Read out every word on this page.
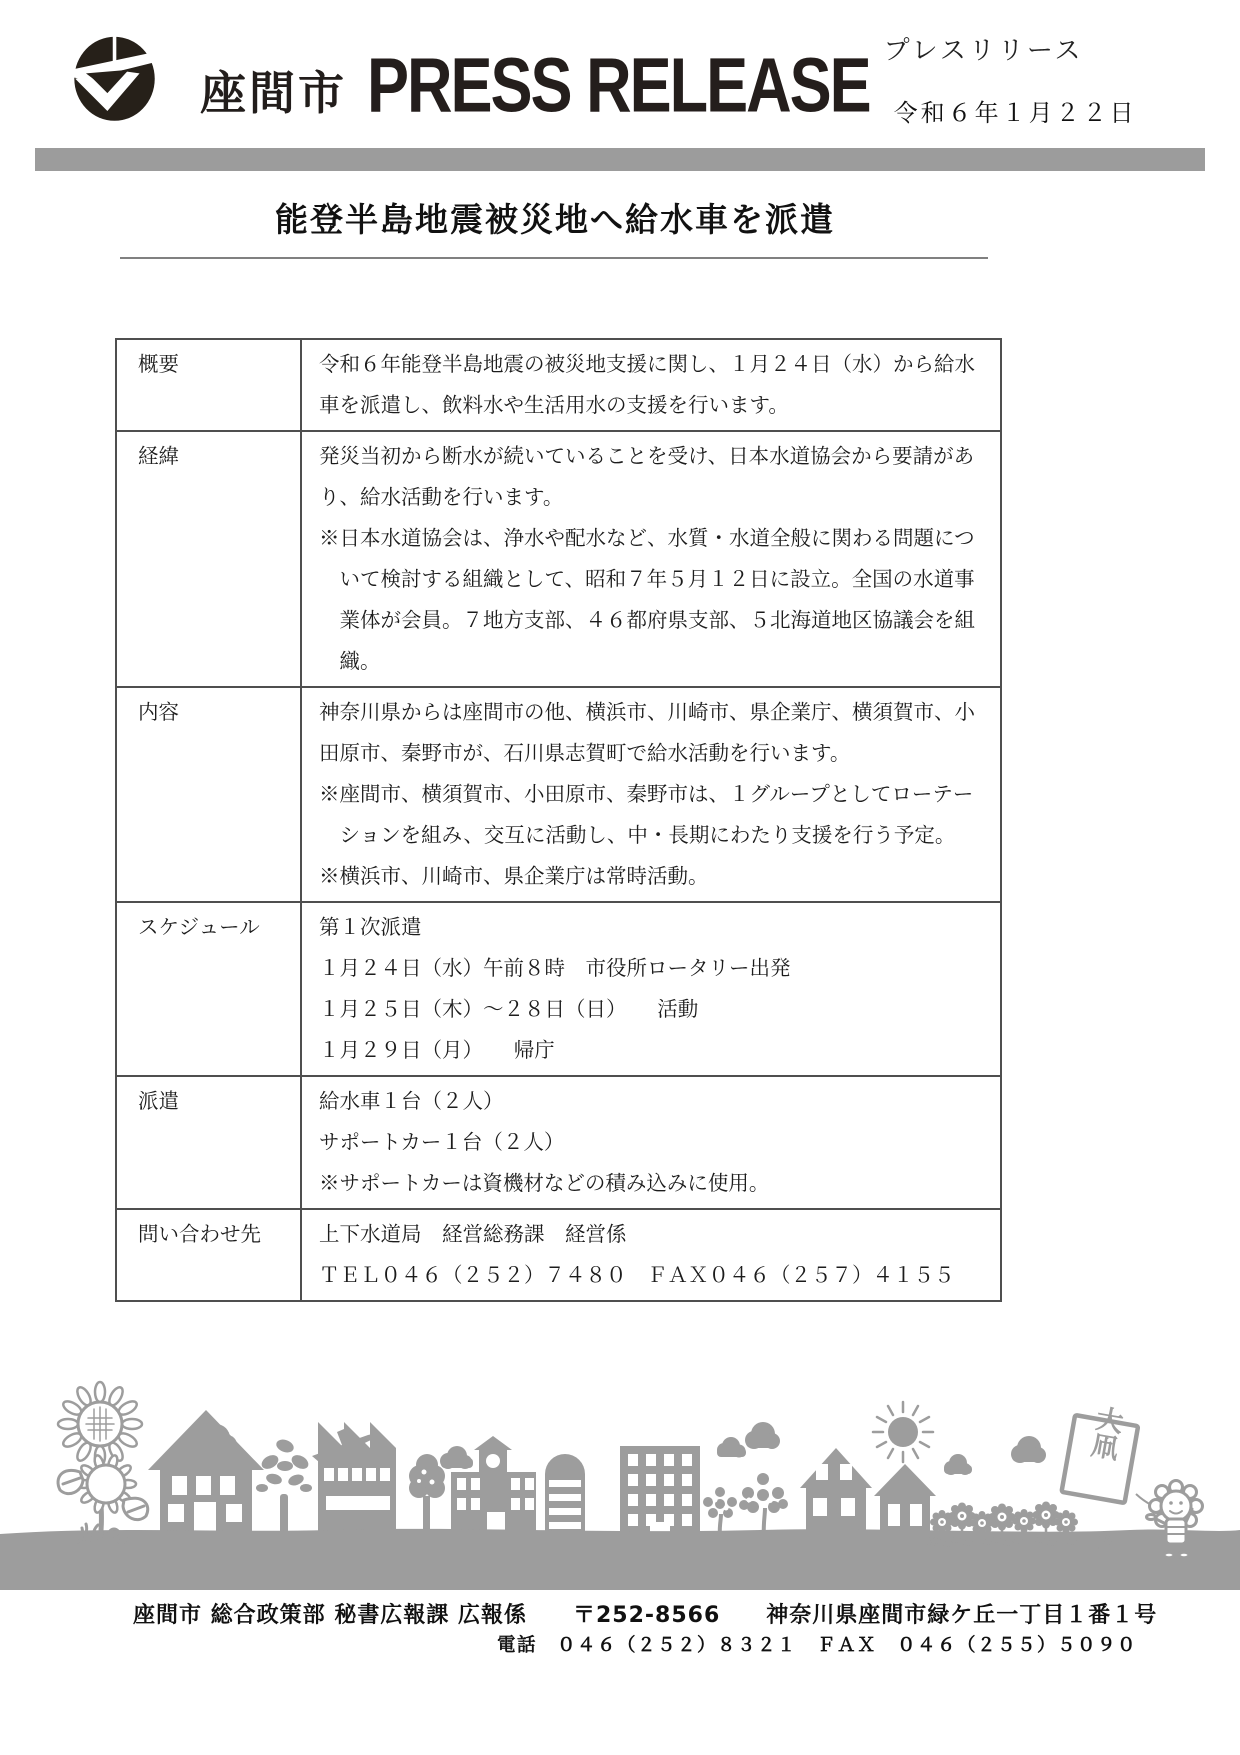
座間市 PRESS RELEASE プレスリリース
令和６年１月２２日
能登半島地震被災地へ給水車を派遣
概要	令和６年能登半島地震の被災地支援に関し、１月２４日（水）から給水
車を派遣し、飲料水や生活用水の支援を行います。

経緯	発災当初から断水が続いていることを受け、日本水道協会から要請があ
り、給水活動を行います。
※日本水道協会は、浄水や配水など、水質・水道全般に関わる問題につ
　いて検討する組織として、昭和７年５月１２日に設立。全国の水道事
　業体が会員。７地方支部、４６都府県支部、５北海道地区協議会を組
　織。

内容	神奈川県からは座間市の他、横浜市、川崎市、県企業庁、横須賀市、小
田原市、秦野市が、石川県志賀町で給水活動を行います。
※座間市、横須賀市、小田原市、秦野市は、１グループとしてローテー
　ションを組み、交互に活動し、中・長期にわたり支援を行う予定。
※横浜市、川崎市、県企業庁は常時活動。

スケジュール	第１次派遣
１月２４日（水）午前８時　市役所ロータリー出発
１月２５日（木）～２８日（日）　　活動
１月２９日（月）　　帰庁

派遣	給水車１台（２人）
サポートカー１台（２人）
※サポートカーは資機材などの積み込みに使用。

問い合わせ先	上下水道局　経営総務課　経営係
ＴＥＬ０４６（２５２）７４８０　ＦＡＸ０４６（２５７）４１５５
大凧
座間市 総合政策部 秘書広報課 広報係　　〒252-8566　　神奈川県座間市緑ケ丘一丁目１番１号
電話　０４６（２５２）８３２１　ＦＡＸ　０４６（２５５）５０９０
